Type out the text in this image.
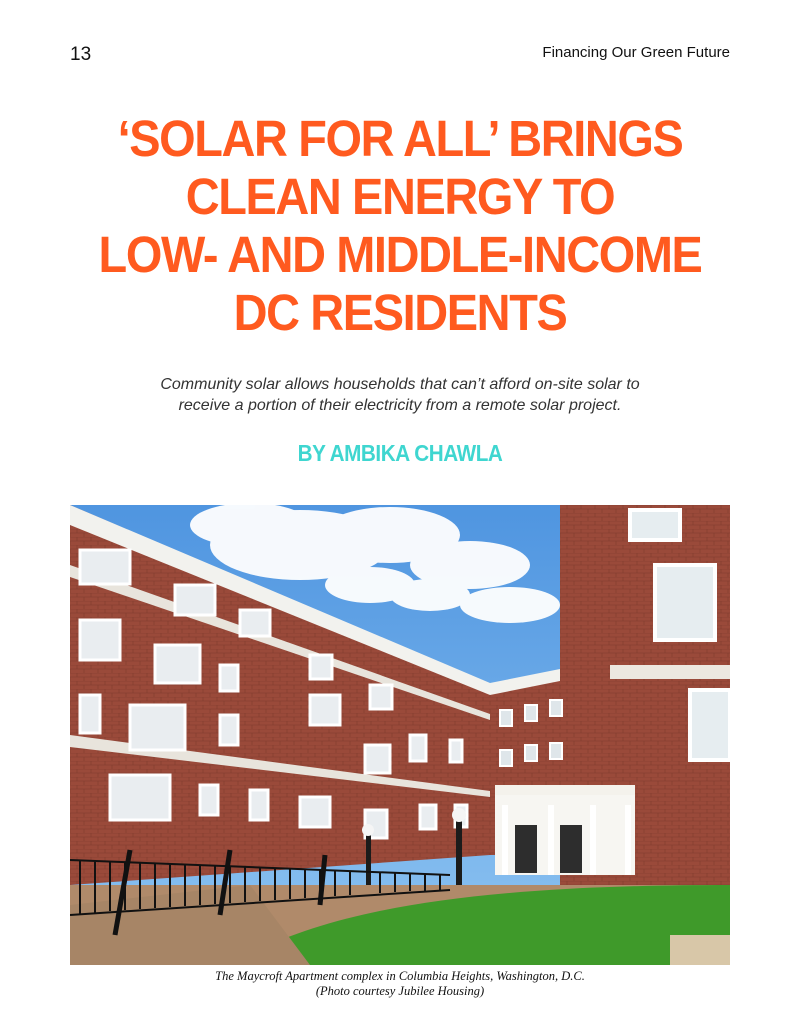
13	Financing Our Green Future
‘SOLAR FOR ALL’ BRINGS
CLEAN ENERGY TO
LOW- AND MIDDLE-INCOME
DC RESIDENTS

Community solar allows households that can’t afford on-site solar to
receive a portion of their electricity from a remote solar project.

BY AMBIKA CHAWLA

The Maycroft Apartment complex in Columbia Heights, Washington, D.C.
(Photo courtesy Jubilee Housing)
